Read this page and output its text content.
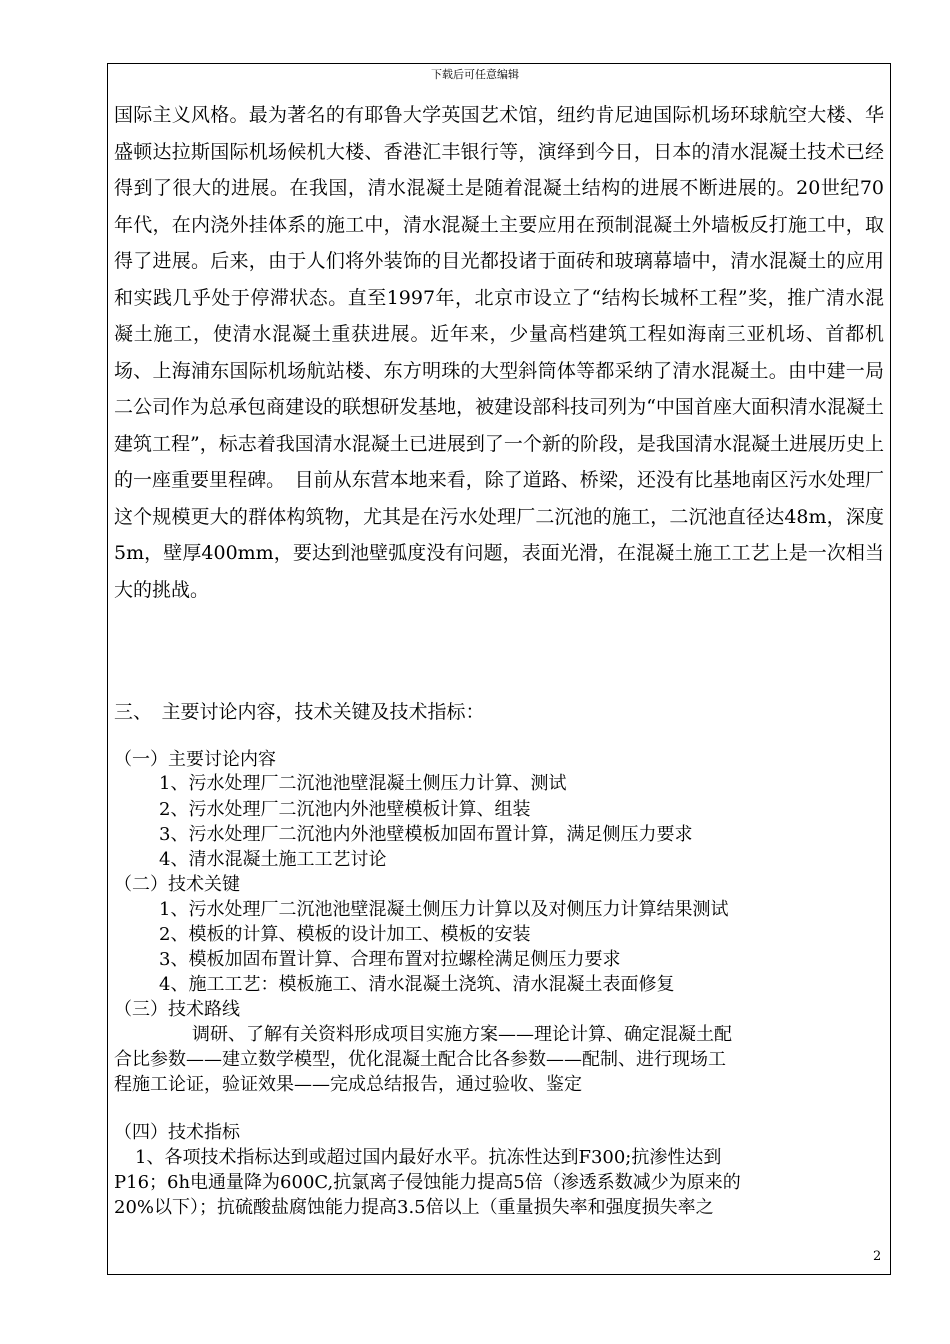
下载后可任意编辑

国际主义风格。最为著名的有耶鲁大学英国艺术馆，纽约肯尼迪国际机场环球航空大楼、华盛顿达拉斯国际机场候机大楼、香港汇丰银行等，演绎到今日，日本的清水混凝土技术已经得到了很大的进展。在我国，清水混凝土是随着混凝土结构的进展不断进展的。20世纪70年代，在内浇外挂体系的施工中，清水混凝土主要应用在预制混凝土外墙板反打施工中，取得了进展。后来，由于人们将外装饰的目光都投诸于面砖和玻璃幕墙中，清水混凝土的应用和实践几乎处于停滞状态。直至1997年，北京市设立了“结构长城杯工程”奖，推广清水混凝土施工，使清水混凝土重获进展。近年来，少量高档建筑工程如海南三亚机场、首都机场、上海浦东国际机场航站楼、东方明珠的大型斜筒体等都采纳了清水混凝土。由中建一局二公司作为总承包商建设的联想研发基地，被建设部科技司列为“中国首座大面积清水混凝土建筑工程”，标志着我国清水混凝土已进展到了一个新的阶段，是我国清水混凝土进展历史上的一座重要里程碑。　目前从东营本地来看，除了道路、桥梁，还没有比基地南区污水处理厂这个规模更大的群体构筑物，尤其是在污水处理厂二沉池的施工，二沉池直径达48m，深度5m，壁厚400mm，要达到池壁弧度没有问题，表面光滑，在混凝土施工工艺上是一次相当大的挑战。

三、　主要讨论内容，技术关键及技术指标：
（一）主要讨论内容
1、污水处理厂二沉池池壁混凝土侧压力计算、测试
2、污水处理厂二沉池内外池壁模板计算、组装
3、污水处理厂二沉池内外池壁模板加固布置计算，满足侧压力要求
4、清水混凝土施工工艺讨论
（二）技术关键
1、污水处理厂二沉池池壁混凝土侧压力计算以及对侧压力计算结果测试
2、模板的计算、模板的设计加工、模板的安装
3、模板加固布置计算、合理布置对拉螺栓满足侧压力要求
4、施工工艺：模板施工、清水混凝土浇筑、清水混凝土表面修复
（三）技术路线
调研、了解有关资料形成项目实施方案——理论计算、确定混凝土配
合比参数——建立数学模型，优化混凝土配合比各参数——配制、进行现场工
程施工论证，验证效果——完成总结报告，通过验收、鉴定
（四）技术指标
1、各项技术指标达到或超过国内最好水平。抗冻性达到F300;抗渗性达到
P16；6h电通量降为600C,抗氯离子侵蚀能力提高5倍（渗透系数减少为原来的
20%以下）；抗硫酸盐腐蚀能力提高3.5倍以上（重量损失率和强度损失率之
2
